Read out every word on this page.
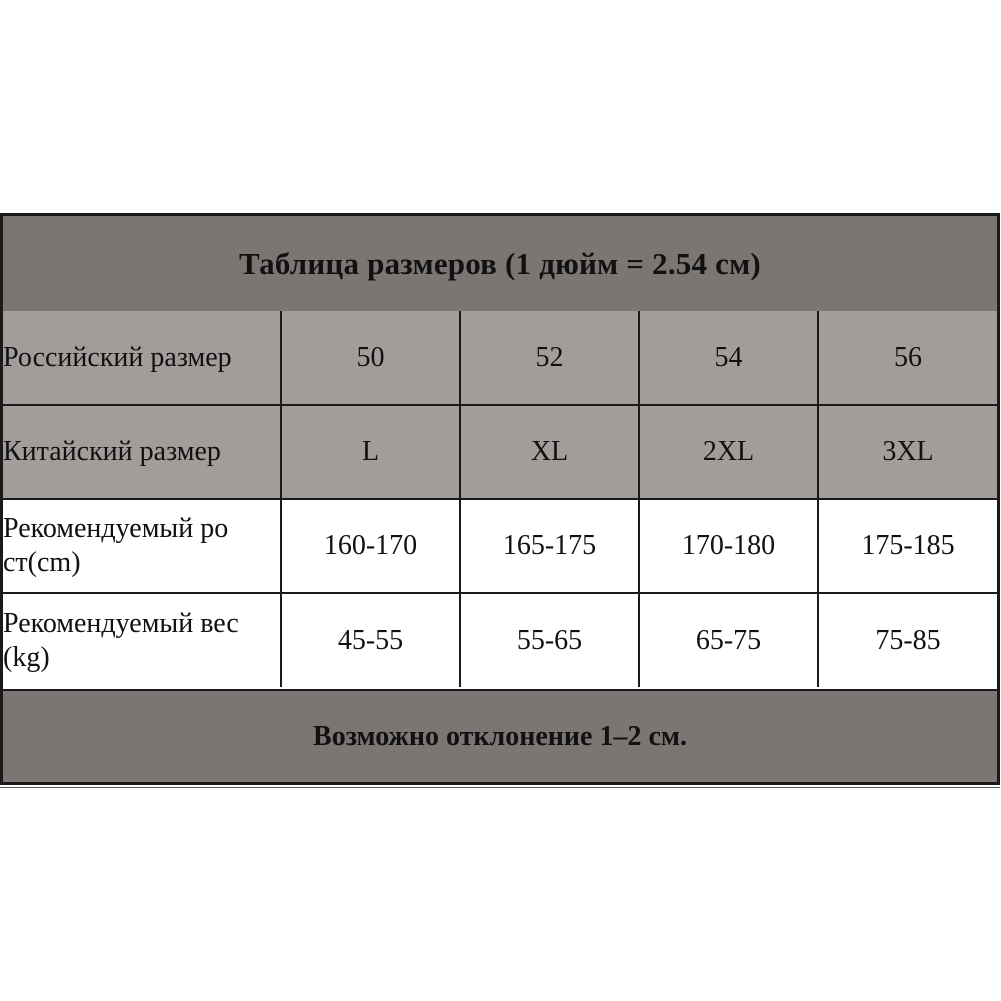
Таблица размеров (1 дюйм = 2.54 см)
Российский размер	50	52	54	56
Китайский размер	L	XL	2XL	3XL
Рекомендуемый ро ст(cm)	160-170	165-175	170-180	175-185
Рекомендуемый вес (kg)	45-55	55-65	65-75	75-85
Возможно отклонение 1–2 см.
